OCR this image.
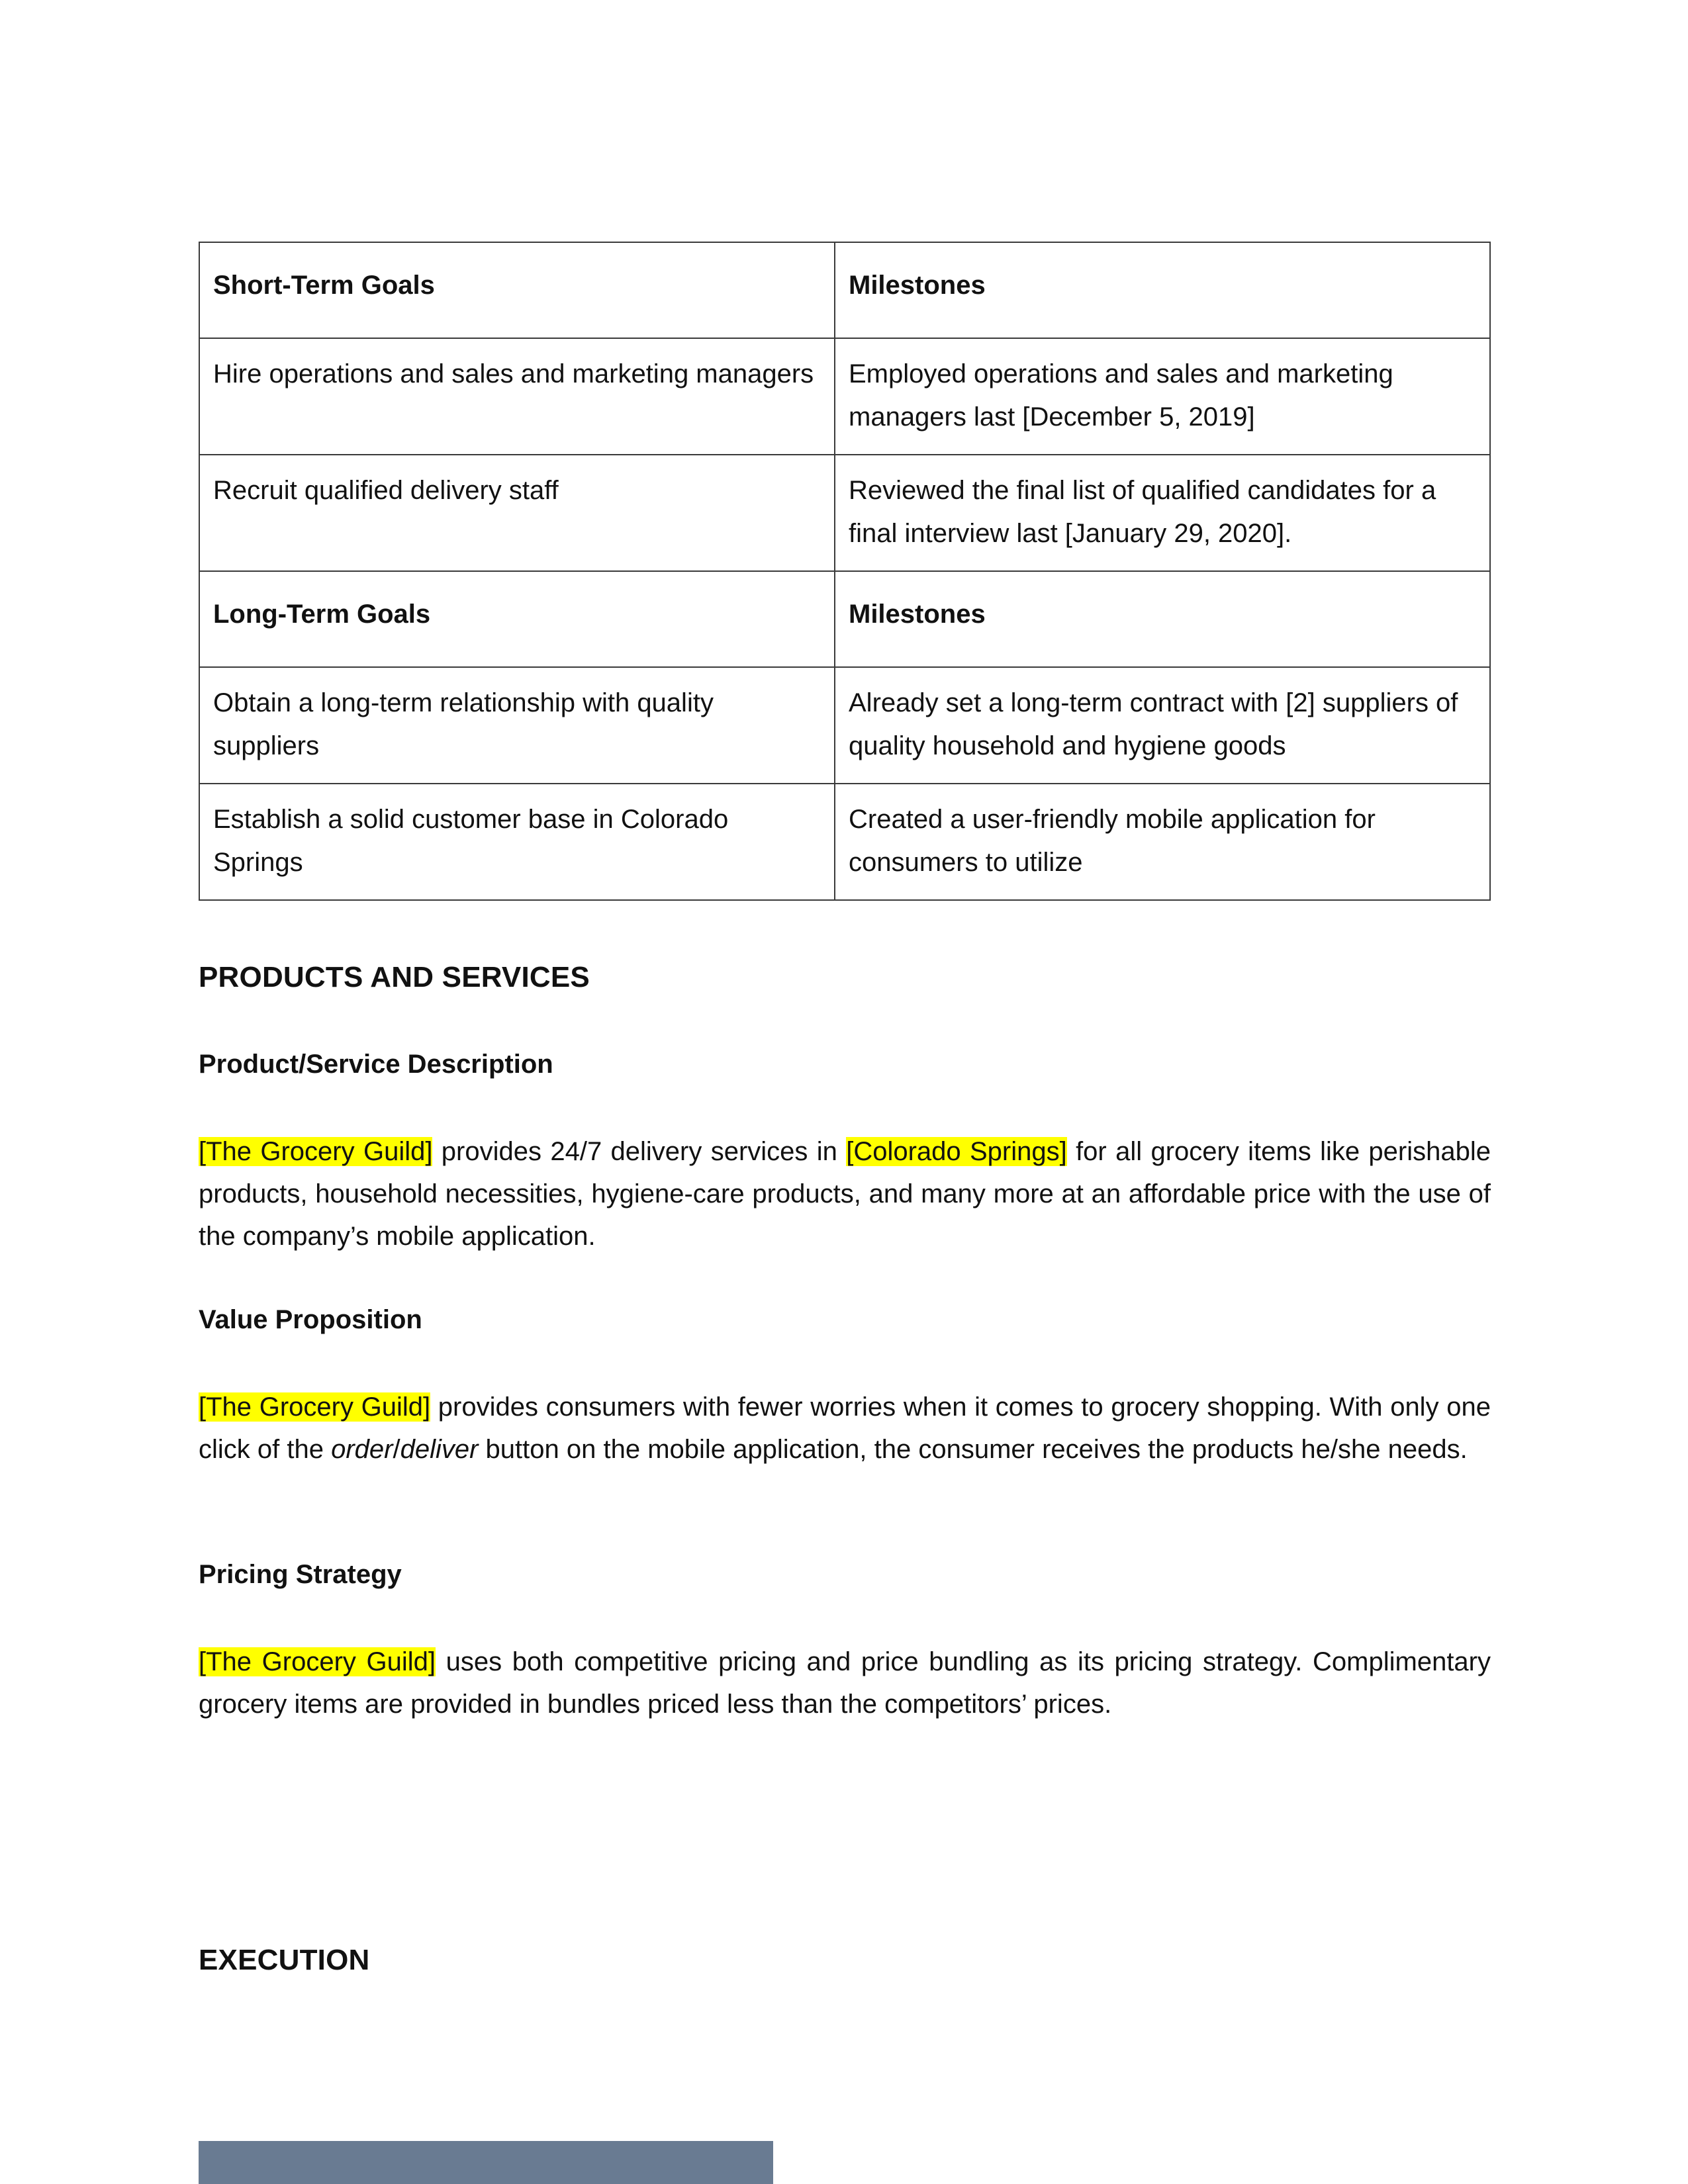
Short-Term Goals	Milestones
Hire operations and sales and marketing managers	Employed operations and sales and marketing managers last [December 5, 2019]
Recruit qualified delivery staff	Reviewed the final list of qualified candidates for a final interview last [January 29, 2020].
Long-Term Goals	Milestones
Obtain a long-term relationship with quality suppliers	Already set a long-term contract with [2] suppliers of quality household and hygiene goods
Establish a solid customer base in Colorado Springs	Created a user-friendly mobile application for consumers to utilize
PRODUCTS AND SERVICES
Product/Service Description

[The Grocery Guild] provides 24/7 delivery services in [Colorado Springs] for all grocery items like perishable products, household necessities, hygiene-care products, and many more at an affordable price with the use of the company’s mobile application.

Value Proposition

[The Grocery Guild] provides consumers with fewer worries when it comes to grocery shopping. With only one click of the order/deliver button on the mobile application, the consumer receives the products he/she needs.

Pricing Strategy

[The Grocery Guild] uses both competitive pricing and price bundling as its pricing strategy. Complimentary grocery items are provided in bundles priced less than the competitors’ prices.

EXECUTION
